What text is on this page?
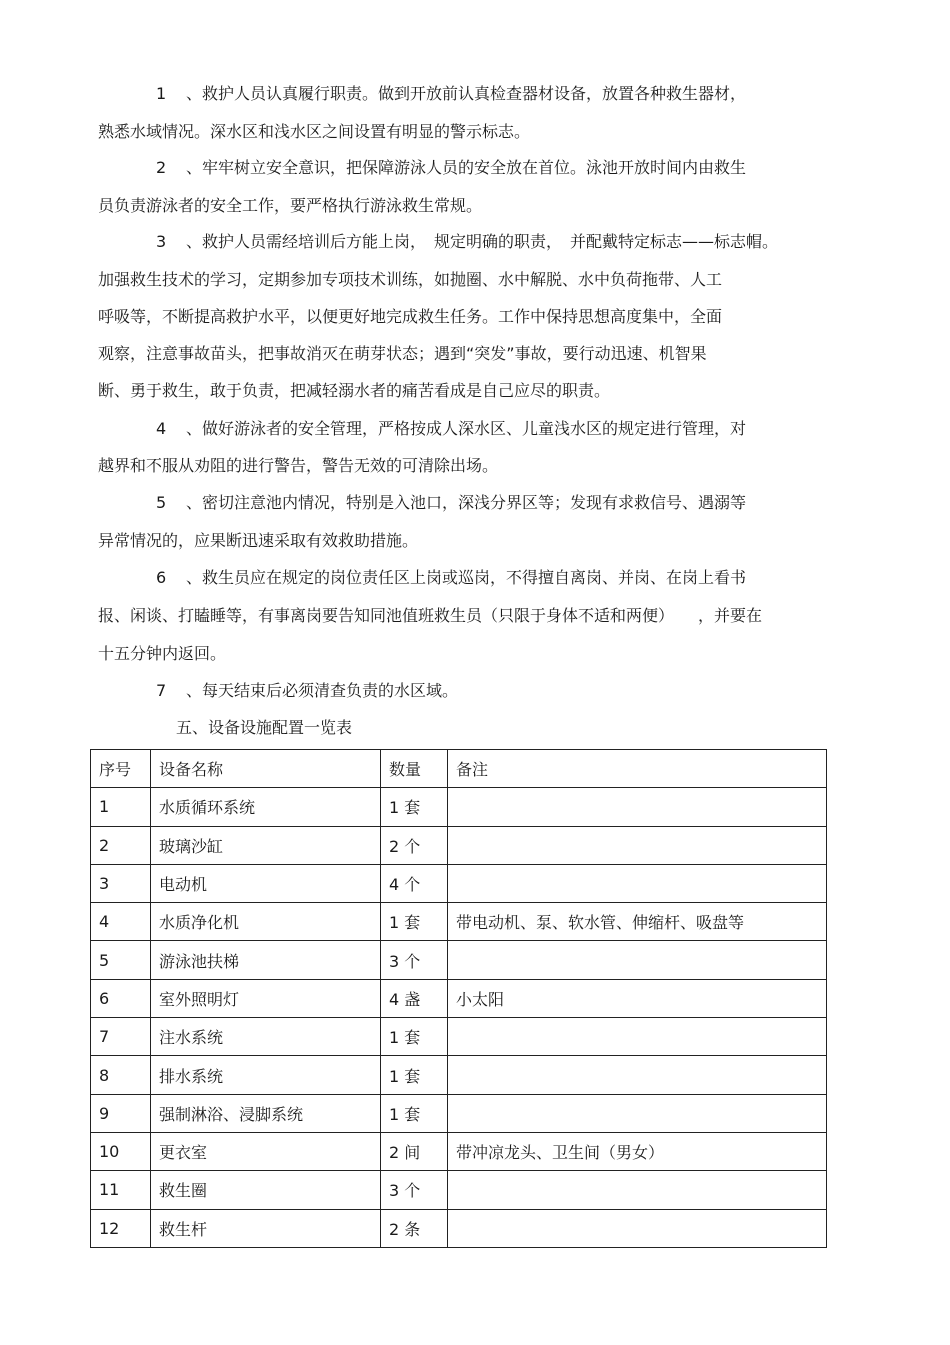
1 、救护人员认真履行职责。做到开放前认真检查器材设备，放置各种救生器材，
熟悉水域情况。深水区和浅水区之间设置有明显的警示标志。
2 、牢牢树立安全意识，把保障游泳人员的安全放在首位。泳池开放时间内由救生
员负责游泳者的安全工作，要严格执行游泳救生常规。
3 、救护人员需经培训后方能上岗，　规定明确的职责，　并配戴特定标志——标志帽。
加强救生技术的学习，定期参加专项技术训练，如抛圈、水中解脱、水中负荷拖带、人工
呼吸等，不断提高救护水平，以便更好地完成救生任务。工作中保持思想高度集中，全面
观察，注意事故苗头，把事故消灭在萌芽状态；遇到“突发”事故，要行动迅速、机智果
断、勇于救生，敢于负责，把减轻溺水者的痛苦看成是自己应尽的职责。
4 、做好游泳者的安全管理，严格按成人深水区、儿童浅水区的规定进行管理，对
越界和不服从劝阻的进行警告，警告无效的可清除出场。
5 、密切注意池内情况，特别是入池口，深浅分界区等；发现有求救信号、遇溺等
异常情况的，应果断迅速采取有效救助措施。
6 、救生员应在规定的岗位责任区上岗或巡岗，不得擅自离岗、并岗、在岗上看书
报、闲谈、打瞌睡等，有事离岗要告知同池值班救生员（只限于身体不适和两便）　　，并要在
十五分钟内返回。
7 、每天结束后必须清查负责的水区域。
五、设备设施配置一览表
序号	设备名称	数量	备注
1	水质循环系统	1 套	
2	玻璃沙缸	2 个	
3	电动机	4 个	
4	水质净化机	1 套	带电动机、泵、软水管、伸缩杆、吸盘等
5	游泳池扶梯	3 个	
6	室外照明灯	4 盏	小太阳
7	注水系统	1 套	
8	排水系统	1 套	
9	强制淋浴、浸脚系统	1 套	
10	更衣室	2 间	带冲凉龙头、卫生间（男女）
11	救生圈	3 个	
12	救生杆	2 条	
